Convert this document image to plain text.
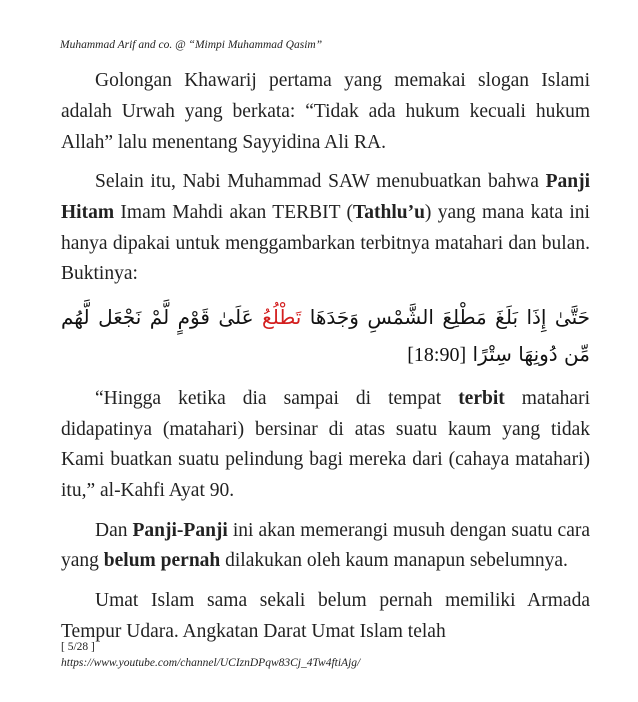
Muhammad Arif and co. @ “Mimpi Muhammad Qasim”

Golongan Khawarij pertama yang memakai slogan Islami adalah Urwah yang berkata: “Tidak ada hukum kecuali hukum Allah” lalu menentang Sayyidina Ali RA.

Selain itu, Nabi Muhammad SAW menubuatkan bahwa Panji Hitam Imam Mahdi akan TERBIT (Tathlu’u) yang mana kata ini hanya dipakai untuk menggambarkan terbitnya matahari dan bulan. Buktinya:

حَتَّىٰ إِذَا بَلَغَ مَطْلِعَ الشَّمْسِ وَجَدَهَا تَطْلُعُ عَلَىٰ قَوْمٍ لَّمْ نَجْعَل لَّهُم مِّن دُونِهَا سِتْرًا [18:90]

“Hingga ketika dia sampai di tempat terbit matahari didapatinya (matahari) bersinar di atas suatu kaum yang tidak Kami buatkan suatu pelindung bagi mereka dari (cahaya matahari) itu,” al-Kahfi Ayat 90.

Dan Panji-Panji ini akan memerangi musuh dengan suatu cara yang belum pernah dilakukan oleh kaum manapun sebelumnya.

Umat Islam sama sekali belum pernah memiliki Armada Tempur Udara. Angkatan Darat Umat Islam telah

[ 5/28 ]
https://www.youtube.com/channel/UCIznDPqw83Cj_4Tw4ftiAjg/
